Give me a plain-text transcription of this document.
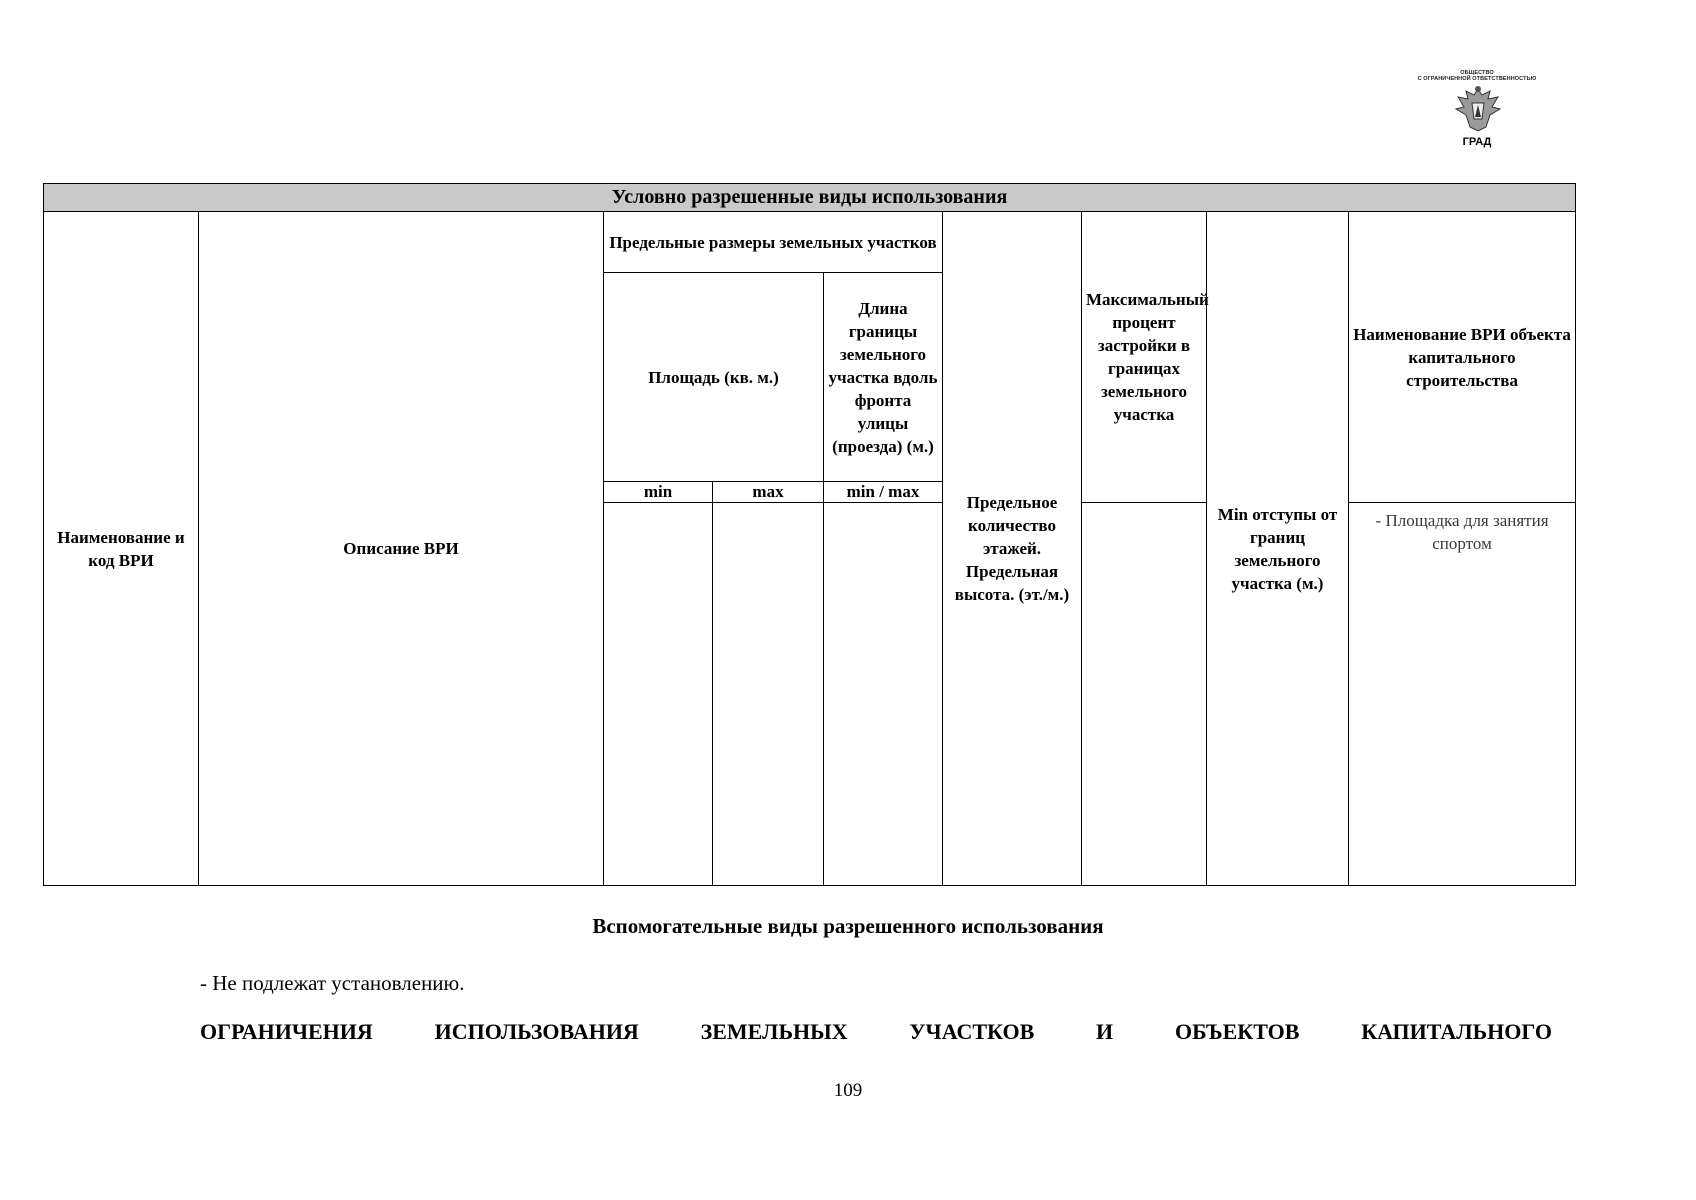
ОБЩЕСТВО
С ОГРАНИЧЕННОЙ ОТВЕТСТВЕННОСТЬЮ
ГРАД
Условно разрешенные виды использования								
Наименование и код ВРИ	Описание ВРИ	Предельные размеры земельных участков			Предельное количество этажей. Предельная высота. (эт./м.)	Максимальный процент застройки в границах земельного участка	Min отступы от границ земельного участка (м.)	Наименование ВРИ объекта капитального строительства
		Площадь (кв. м.)		Длина границы земельного участка вдоль фронта улицы (проезда) (м.)				
		min	max	min / max				
								- Площадка для занятия спортом
Вспомогательные виды разрешенного использования
- Не подлежат установлению.
ОГРАНИЧЕНИЯ	ИСПОЛЬЗОВАНИЯ	ЗЕМЕЛЬНЫХ	УЧАСТКОВ	И	ОБЪЕКТОВ	КАПИТАЛЬНОГО
109
